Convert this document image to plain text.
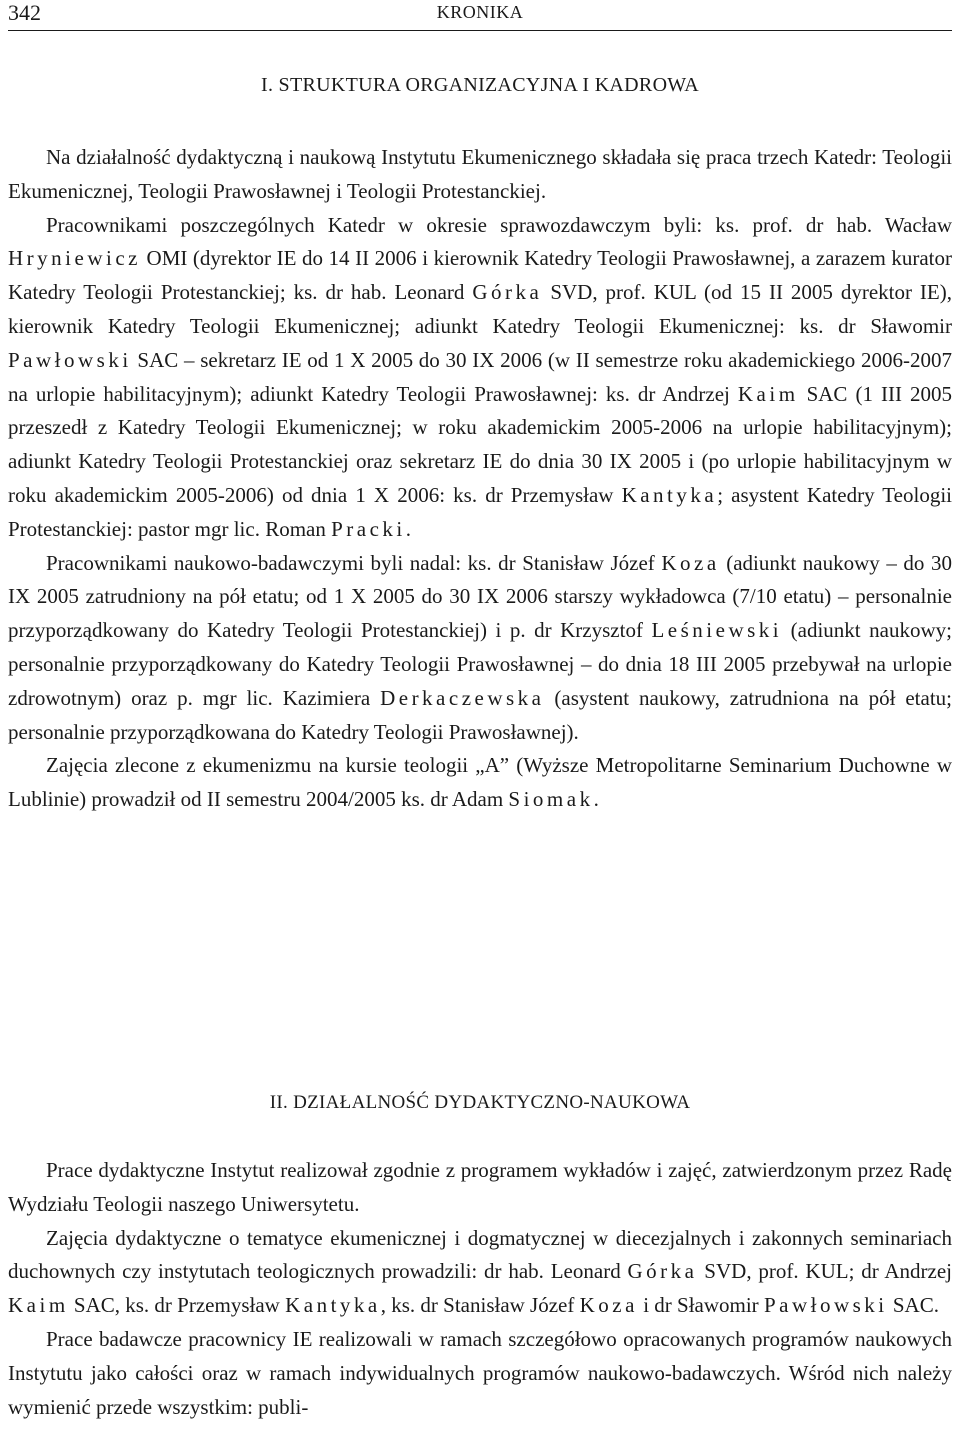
342	KRONIKA
I. STRUKTURA ORGANIZACYJNA I KADROWA

Na działalność dydaktyczną i naukową Instytutu Ekumenicznego składała się praca trzech Katedr: Teologii Ekumenicznej, Teologii Prawosławnej i Teologii Protestanckiej.

Pracownikami poszczególnych Katedr w okresie sprawozdawczym byli: ks. prof. dr hab. Wacław Hryniewicz OMI (dyrektor IE do 14 II 2006 i kierownik Katedry Teologii Prawosławnej, a zarazem kurator Katedry Teologii Protestanckiej; ks. dr hab. Leonard Górka SVD, prof. KUL (od 15 II 2005 dyrektor IE), kierownik Katedry Teologii Ekumenicznej; adiunkt Katedry Teologii Ekumenicznej: ks. dr Sławomir Pawłowski SAC – sekretarz IE od 1 X 2005 do 30 IX 2006 (w II semestrze roku akademickiego 2006-2007 na urlopie habilitacyjnym); adiunkt Katedry Teologii Prawosławnej: ks. dr Andrzej Kaim SAC (1 III 2005 przeszedł z Katedry Teologii Ekumenicznej; w roku akademickim 2005-2006 na urlopie habilitacyjnym); adiunkt Katedry Teologii Protestanckiej oraz sekretarz IE do dnia 30 IX 2005 i (po urlopie habilitacyjnym w roku akademickim 2005-2006) od dnia 1 X 2006: ks. dr Przemysław Kantyka; asystent Katedry Teologii Protestanckiej: pastor mgr lic. Roman Pracki.

Pracownikami naukowo-badawczymi byli nadal: ks. dr Stanisław Józef Koza (adiunkt naukowy – do 30 IX 2005 zatrudniony na pół etatu; od 1 X 2005 do 30 IX 2006 starszy wykładowca (7/10 etatu) – personalnie przyporządkowany do Katedry Teologii Protestanckiej) i p. dr Krzysztof Leśniewski (adiunkt naukowy; personalnie przyporządkowany do Katedry Teologii Prawosławnej – do dnia 18 III 2005 przebywał na urlopie zdrowotnym) oraz p. mgr lic. Kazimiera Derkaczewska (asystent naukowy, zatrudniona na pół etatu; personalnie przyporządkowana do Katedry Teologii Prawosławnej).

Zajęcia zlecone z ekumenizmu na kursie teologii „A” (Wyższe Metropolitarne Seminarium Duchowne w Lublinie) prowadził od II semestru 2004/2005 ks. dr Adam Siomak.

II. DZIAŁALNOŚĆ DYDAKTYCZNO-NAUKOWA

Prace dydaktyczne Instytut realizował zgodnie z programem wykładów i zajęć, zatwierdzonym przez Radę Wydziału Teologii naszego Uniwersytetu.

Zajęcia dydaktyczne o tematyce ekumenicznej i dogmatycznej w diecezjalnych i zakonnych seminariach duchownych czy instytutach teologicznych prowadzili: dr hab. Leonard Górka SVD, prof. KUL; dr Andrzej Kaim SAC, ks. dr Przemysław Kantyka, ks. dr Stanisław Józef Koza i dr Sławomir Pawłowski SAC.

Prace badawcze pracownicy IE realizowali w ramach szczegółowo opracowanych programów naukowych Instytutu jako całości oraz w ramach indywidualnych programów naukowo-badawczych. Wśród nich należy wymienić przede wszystkim: publi-
